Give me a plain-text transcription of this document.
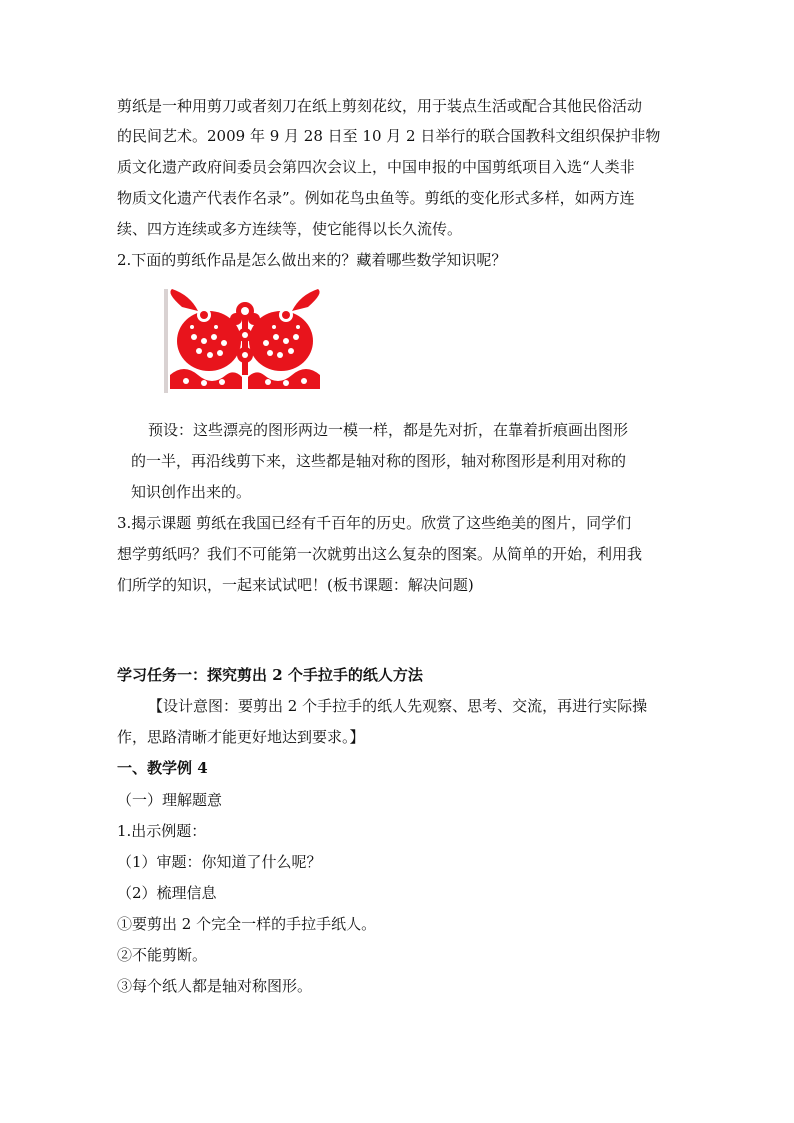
剪纸是一种用剪刀或者刻刀在纸上剪刻花纹，用于装点生活或配合其他民俗活动
的民间艺术。2009 年 9 月 28 日至 10 月 2 日举行的联合国教科文组织保护非物
质文化遗产政府间委员会第四次会议上，中国申报的中国剪纸项目入选“人类非
物质文化遗产代表作名录”。例如花鸟虫鱼等。剪纸的变化形式多样，如两方连
续、四方连续或多方连续等，使它能得以长久流传。
2.下面的剪纸作品是怎么做出来的？藏着哪些数学知识呢？
预设：这些漂亮的图形两边一模一样，都是先对折，在靠着折痕画出图形
的一半，再沿线剪下来，这些都是轴对称的图形，轴对称图形是利用对称的
知识创作出来的。
3.揭示课题 剪纸在我国已经有千百年的历史。欣赏了这些绝美的图片，同学们
想学剪纸吗？我们不可能第一次就剪出这么复杂的图案。从简单的开始，利用我
们所学的知识，一起来试试吧！(板书课题：解决问题)
学习任务一：探究剪出 2 个手拉手的纸人方法
【设计意图：要剪出 2 个手拉手的纸人先观察、思考、交流，再进行实际操
作，思路清晰才能更好地达到要求。】
一、教学例 4
（一）理解题意
1.出示例题：
（1）审题：你知道了什么呢？
（2）梳理信息
①要剪出 2 个完全一样的手拉手纸人。
②不能剪断。
③每个纸人都是轴对称图形。
